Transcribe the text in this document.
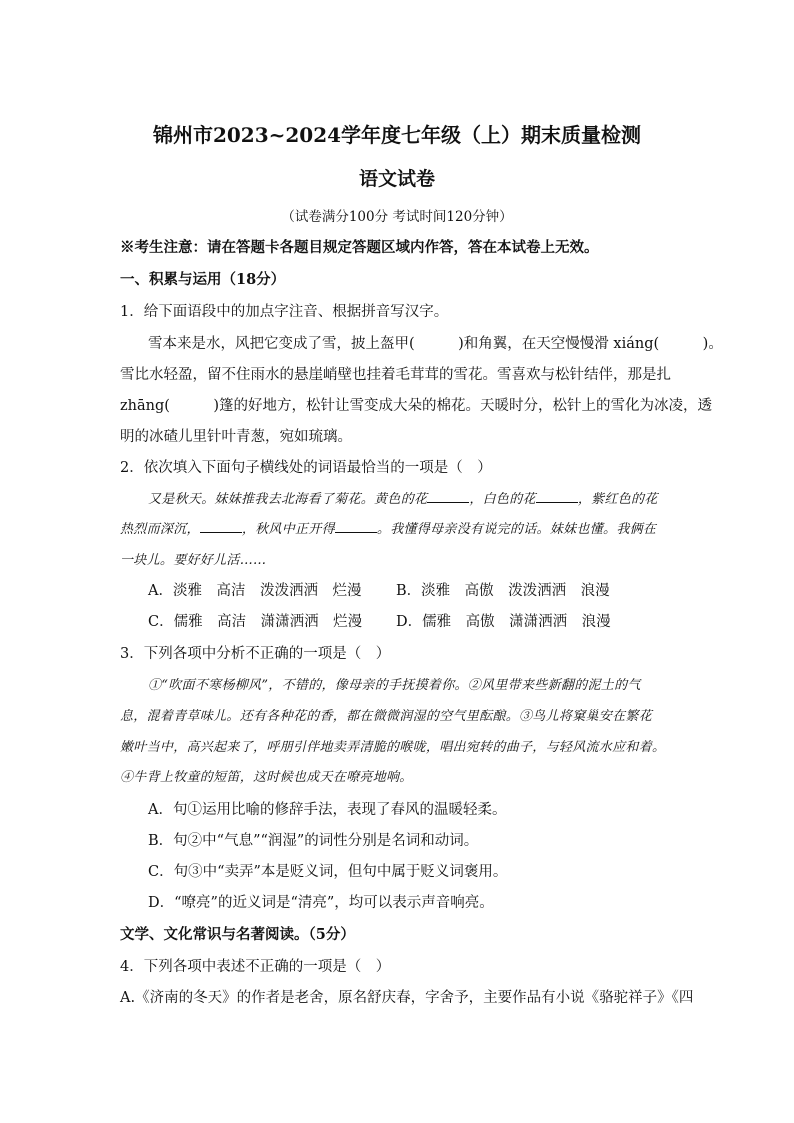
锦州市2023~2024学年度七年级（上）期末质量检测
语文试卷
（试卷满分100分 考试时间120分钟）
※考生注意：请在答题卡各题目规定答题区域内作答，答在本试卷上无效。
一、积累与运用（18分）
1．给下面语段中的加点字注音、根据拼音写汉字。
雪本来是水，风把它变成了雪，披上盔甲(　　　)和角翼，在天空慢慢滑 xiáng(　　　)。
雪比水轻盈，留不住雨水的悬崖峭壁也挂着毛茸茸的雪花。雪喜欢与松针结伴，那是扎
zhāng(　　　)篷的好地方，松针让雪变成大朵的棉花。天暖时分，松针上的雪化为冰凌，透
明的冰碴儿里针叶青葱，宛如琉璃。
2．依次填入下面句子横线处的词语最恰当的一项是（　）
又是秋天。妹妹推我去北海看了菊花。黄色的花	，白色的花	，紫红色的花
热烈而深沉，	，秋风中正开得	。我懂得母亲没有说完的话。妹妹也懂。我俩在
一块儿。要好好儿活……
A．淡雅　高洁　泼泼洒洒　烂漫 B．淡雅　高傲　泼泼洒洒　浪漫
C．儒雅　高洁　潇潇洒洒　烂漫 D．儒雅　高傲　潇潇洒洒　浪漫
3．下列各项中分析不正确的一项是（　）
①“吹面不寒杨柳风”，不错的，像母亲的手抚摸着你。②风里带来些新翻的泥土的气
息，混着青草味儿。还有各种花的香，都在微微润湿的空气里酝酿。③鸟儿将窠巢安在繁花
嫩叶当中，高兴起来了，呼朋引伴地卖弄清脆的喉咙，唱出宛转的曲子，与轻风流水应和着。
④牛背上牧童的短笛，这时候也成天在嘹亮地响。
A．句①运用比喻的修辞手法，表现了春风的温暖轻柔。
B．句②中“气息”“润湿”的词性分别是名词和动词。
C．句③中“卖弄”本是贬义词，但句中属于贬义词褒用。
D．“嘹亮”的近义词是“清亮”，均可以表示声音响亮。
文学、文化常识与名著阅读。（5分）
4．下列各项中表述不正确的一项是（　）
A.《济南的冬天》的作者是老舍，原名舒庆春，字舍予，主要作品有小说《骆驼祥子》《四
